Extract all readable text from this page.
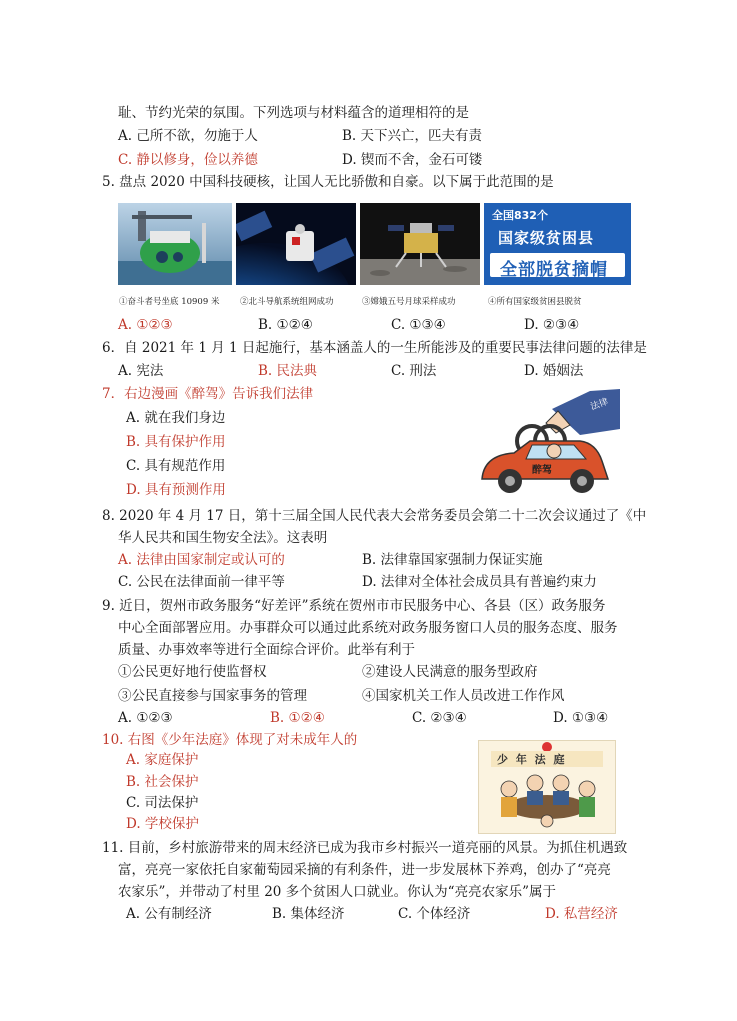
耻、节约光荣的氛围。下列选项与材料蕴含的道理相符的是
A. 己所不欲，勿施于人	B. 天下兴亡，匹夫有责
C. 静以修身，俭以养德	D. 锲而不舍，金石可镂
5. 盘点 2020 中国科技硬核，让国人无比骄傲和自豪。以下属于此范围的是
全国832个
国家级贫困县
全部脱贫摘帽
①奋斗者号坐底 10909 米 ②北斗导航系统组网成功	③嫦娥五号月球采样成功	④所有国家级贫困县脱贫
A. ①②③	B. ①②④	C. ①③④	D. ②③④
6．自 2021 年 1 月 1 日起施行，基本涵盖人的一生所能涉及的重要民事法律问题的法律是
A. 宪法	B. 民法典	C. 刑法	D. 婚姻法
7．右边漫画《醉驾》告诉我们法律
A. 就在我们身边
B. 具有保护作用
C. 具有规范作用
D. 具有预测作用
法律
醉驾
8. 2020 年 4 月 17 日，第十三届全国人民代表大会常务委员会第二十二次会议通过了《中
华人民共和国生物安全法》。这表明
A. 法律由国家制定或认可的	B. 法律靠国家强制力保证实施
C. 公民在法律面前一律平等	D. 法律对全体社会成员具有普遍约束力
9. 近日，贺州市政务服务“好差评”系统在贺州市市民服务中心、各县（区）政务服务
中心全面部署应用。办事群众可以通过此系统对政务服务窗口人员的服务态度、服务
质量、办事效率等进行全面综合评价。此举有利于
①公民更好地行使监督权	②建设人民满意的服务型政府
③公民直接参与国家事务的管理	④国家机关工作人员改进工作作风
A. ①②③	B. ①②④	C. ②③④	D. ①③④
10. 右图《少年法庭》体现了对未成年人的
A. 家庭保护
B. 社会保护
C. 司法保护
D. 学校保护
少 年 法 庭
11. 目前，乡村旅游带来的周末经济已成为我市乡村振兴一道亮丽的风景。为抓住机遇致
富，亮亮一家依托自家葡萄园采摘的有利条件，进一步发展林下养鸡，创办了“亮亮
农家乐”，并带动了村里 20 多个贫困人口就业。你认为“亮亮农家乐”属于
A. 公有制经济	B. 集体经济	C. 个体经济	D. 私营经济
